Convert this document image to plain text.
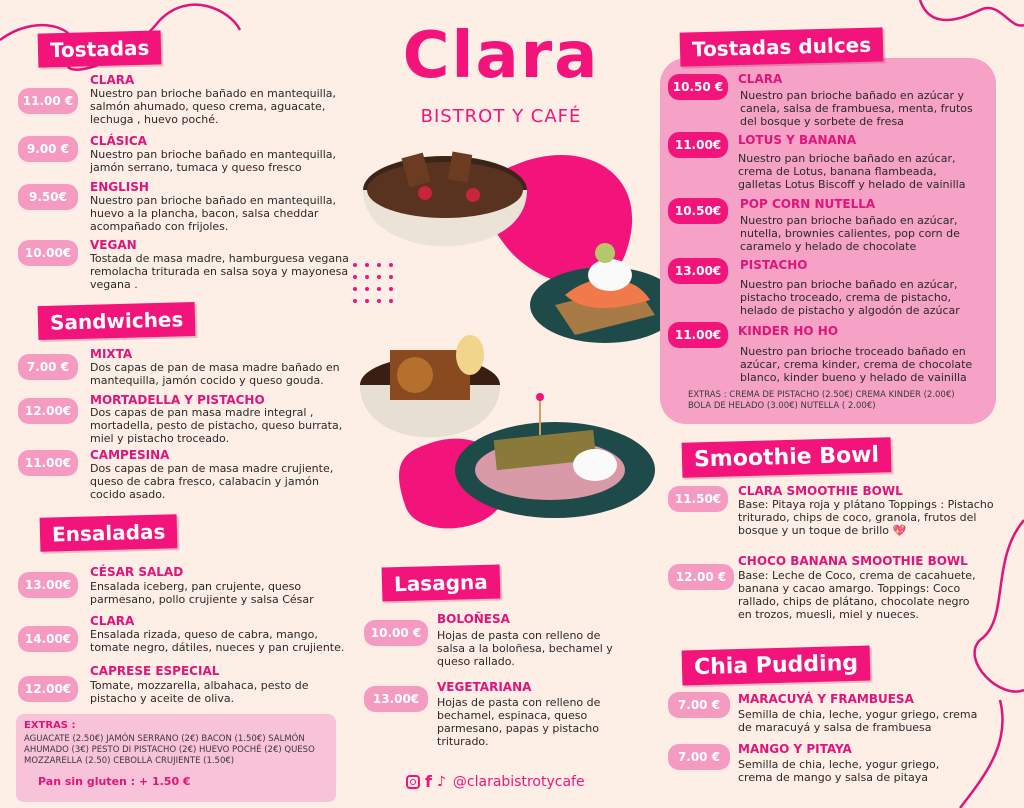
Tostadas
11.00 €
CLARA
Nuestro pan brioche bañado en mantequilla, salmón ahumado, queso crema, aguacate, lechuga , huevo poché.
9.00 €
CLÁSICA
Nuestro pan brioche bañado en mantequilla, jamón serrano, tumaca y queso fresco
9.50€
ENGLISH
Nuestro pan brioche bañado en mantequilla, huevo a la plancha, bacon, salsa cheddar acompañado con frijoles.
10.00€
VEGAN
Tostada de masa madre, hamburguesa vegana remolacha triturada en salsa soya y mayonesa vegana .
Sandwiches
7.00 €
MIXTA
Dos capas de pan de masa madre bañado en mantequilla, jamón cocido y queso gouda.
12.00€
MORTADELLA Y PISTACHO
Dos capas de pan masa madre integral , mortadella, pesto de pistacho, queso burrata, miel y pistacho troceado.
11.00€
CAMPESINA
Dos capas de pan de masa madre crujiente, queso de cabra fresco, calabacin y jamón cocido asado.
Ensaladas
13.00€
CÉSAR SALAD
Ensalada iceberg, pan crujente, queso parmesano, pollo crujiente y salsa César
14.00€
CLARA
Ensalada rizada, queso de cabra, mango, tomate negro, dátiles, nueces y pan crujiente.
12.00€
CAPRESE ESPECIAL
Tomate, mozzarella, albahaca, pesto de pistacho y aceite de oliva.
EXTRAS :
AGUACATE (2.50€) JAMÓN SERRANO (2€) BACON (1.50€) SALMÓN AHUMADO (3€) PESTO DI PISTACHO (2€) HUEVO POCHÉ (2€) QUESO MOZZARELLA (2.50) CEBOLLA CRUJIENTE (1.50€)
Pan sin gluten : + 1.50 €
Clara
BISTROT Y CAFÉ
Lasagna
10.00 €
BOLOÑESA
Hojas de pasta con relleno de salsa a la boloñesa, bechamel y queso rallado.
13.00€
VEGETARIANA
Hojas de pasta con relleno de bechamel, espinaca, queso parmesano, papas y pistacho triturado.
f ♪ @clarabistrotycafe
Tostadas dulces
10.50 €
CLARA
Nuestro pan brioche bañado en azúcar y canela, salsa de frambuesa, menta, frutos del bosque y sorbete de fresa
11.00€	LOTUS Y BANANA
Nuestro pan brioche bañado en azúcar, crema de Lotus, banana flambeada, galletas Lotus Biscoff y helado de vainilla
10.50€	POP CORN NUTELLA
Nuestro pan brioche bañado en azúcar, nutella, brownies calientes, pop corn de caramelo y helado de chocolate
13.00€	PISTACHO
Nuestro pan brioche bañado en azúcar, pistacho troceado, crema de pistacho, helado de pistacho y algodón de azúcar
11.00€	KINDER HO HO
Nuestro pan brioche troceado bañado en azúcar, crema kinder, crema de chocolate blanco, kinder bueno y helado de vainilla
EXTRAS : CREMA DE PISTACHO (2.50€) CREMA KINDER (2.00€) BOLA DE HELADO (3.00€) NUTELLA ( 2.00€)
Smoothie Bowl
11.50€
CLARA SMOOTHIE BOWL
Base: Pitaya roja y plátano Toppings : Pistacho triturado, chips de coco, granola, frutos del bosque y un toque de brillo 💖
12.00 €
CHOCO BANANA SMOOTHIE BOWL
Base: Leche de Coco, crema de cacahuete, banana y cacao amargo. Toppings: Coco rallado, chips de plátano, chocolate negro en trozos, muesli, miel y nueces.
Chia Pudding
7.00 €	MARACUYÁ Y FRAMBUESA
Semilla de chia, leche, yogur griego, crema de maracuyá y salsa de frambuesa
7.00 €
MANGO Y PITAYA
Semilla de chia, leche, yogur griego, crema de mango y salsa de pitaya
